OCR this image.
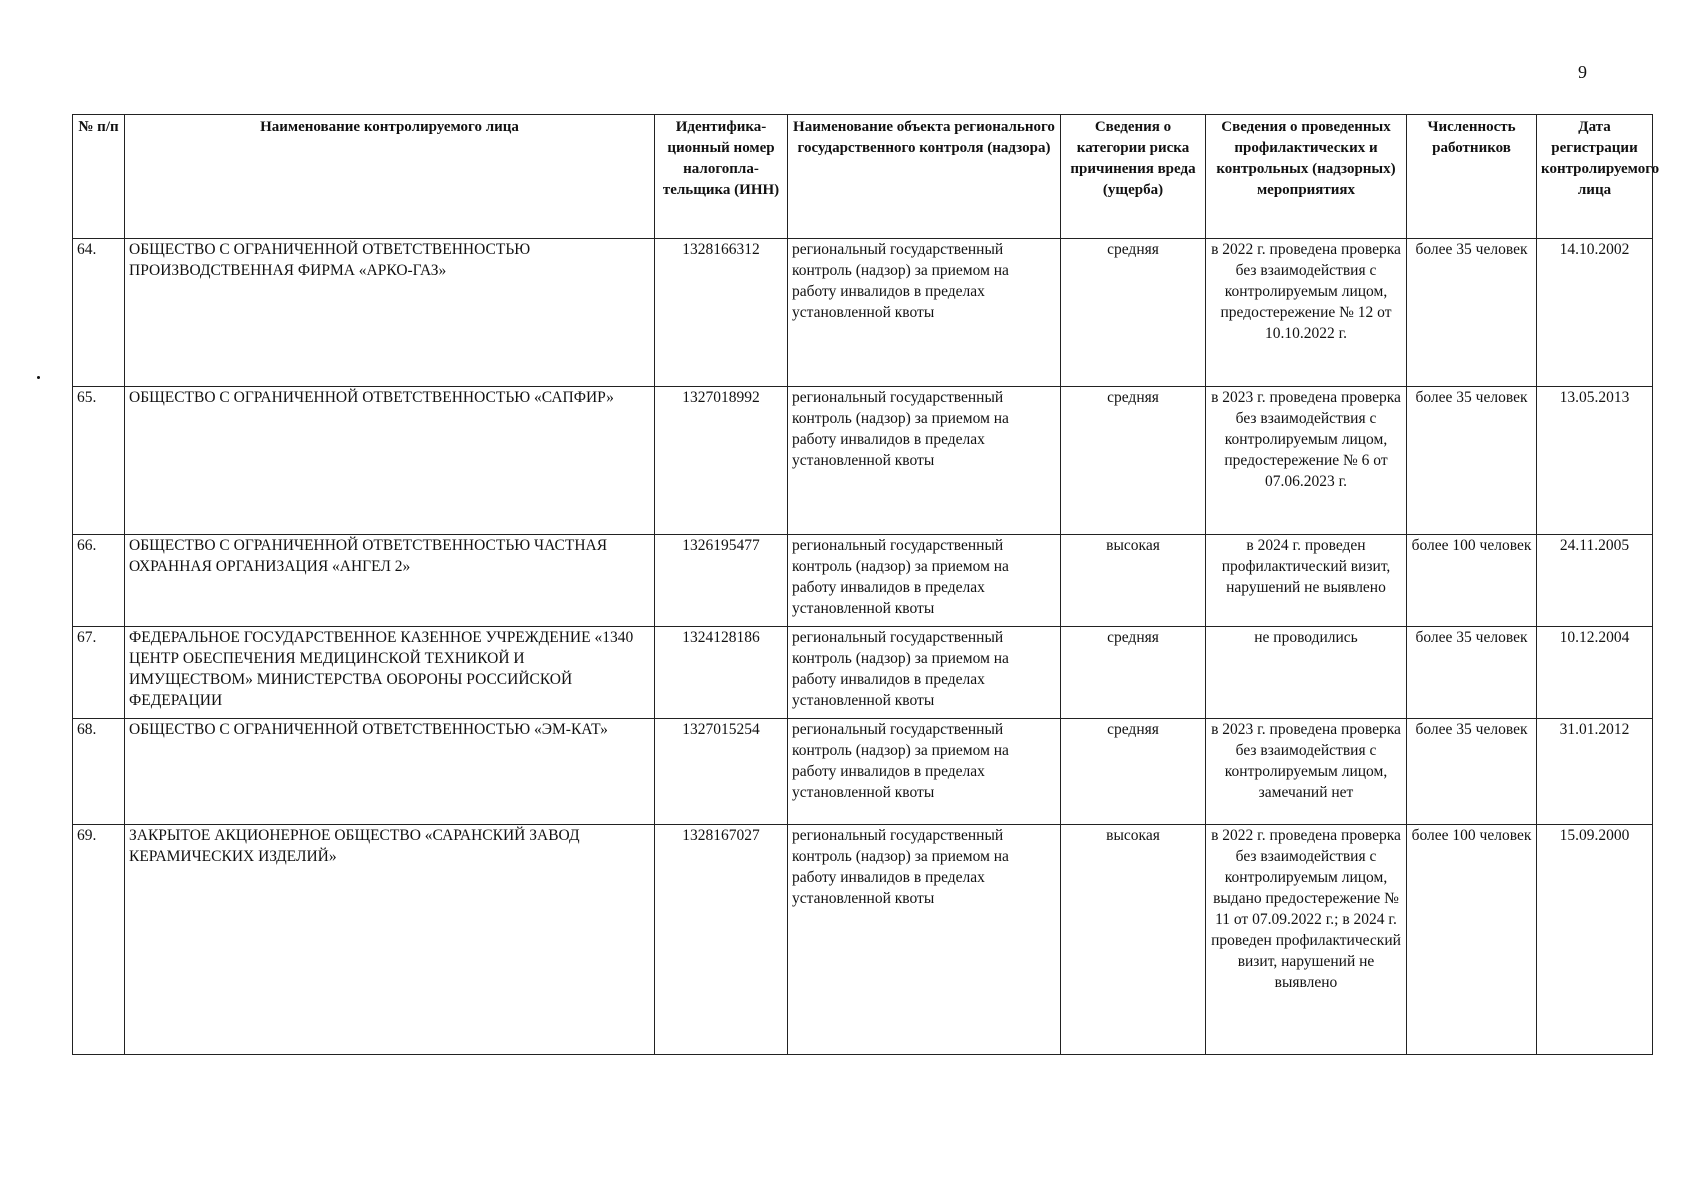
9
№ п/п	Наименование контролируемого лица	Идентифика-ционный номер налогопла-тельщика (ИНН)	Наименование объекта регионального государственного контроля (надзора)	Сведения о категории риска причинения вреда (ущерба)	Сведения о проведенных профилактических и контрольных (надзорных) мероприятиях	Численность работников	Дата регистрации контролируемого лица
64.	ОБЩЕСТВО С ОГРАНИЧЕННОЙ ОТВЕТСТВЕННОСТЬЮ ПРОИЗВОДСТВЕННАЯ ФИРМА «АРКО-ГАЗ»	1328166312	региональный государственный контроль (надзор) за приемом на работу инвалидов в пределах установленной квоты	средняя	в 2022 г. проведена проверка без взаимодействия с контролируемым лицом, предостережение № 12 от 10.10.2022 г.	более 35 человек	14.10.2002
65.	ОБЩЕСТВО С ОГРАНИЧЕННОЙ ОТВЕТСТВЕННОСТЬЮ «САПФИР»	1327018992	региональный государственный контроль (надзор) за приемом на работу инвалидов в пределах установленной квоты	средняя	в 2023 г. проведена проверка без взаимодействия с контролируемым лицом, предостережение № 6 от 07.06.2023 г.	более 35 человек	13.05.2013
66.	ОБЩЕСТВО С ОГРАНИЧЕННОЙ ОТВЕТСТВЕННОСТЬЮ ЧАСТНАЯ ОХРАННАЯ ОРГАНИЗАЦИЯ «АНГЕЛ 2»	1326195477	региональный государственный контроль (надзор) за приемом на работу инвалидов в пределах установленной квоты	высокая	в 2024 г. проведен профилактический визит, нарушений не выявлено	более 100 человек	24.11.2005
67.	ФЕДЕРАЛЬНОЕ ГОСУДАРСТВЕННОЕ КАЗЕННОЕ УЧРЕЖДЕНИЕ «1340 ЦЕНТР ОБЕСПЕЧЕНИЯ МЕДИЦИНСКОЙ ТЕХНИКОЙ И ИМУЩЕСТВОМ» МИНИСТЕРСТВА ОБОРОНЫ РОССИЙСКОЙ ФЕДЕРАЦИИ	1324128186	региональный государственный контроль (надзор) за приемом на работу инвалидов в пределах установленной квоты	средняя	не проводились	более 35 человек	10.12.2004
68.	ОБЩЕСТВО С ОГРАНИЧЕННОЙ ОТВЕТСТВЕННОСТЬЮ «ЭМ-КАТ»	1327015254	региональный государственный контроль (надзор) за приемом на работу инвалидов в пределах установленной квоты	средняя	в 2023 г. проведена проверка без взаимодействия с контролируемым лицом, замечаний нет	более 35 человек	31.01.2012
69.	ЗАКРЫТОЕ АКЦИОНЕРНОЕ ОБЩЕСТВО «САРАНСКИЙ ЗАВОД КЕРАМИЧЕСКИХ ИЗДЕЛИЙ»	1328167027	региональный государственный контроль (надзор) за приемом на работу инвалидов в пределах установленной квоты	высокая	в 2022 г. проведена проверка без взаимодействия с контролируемым лицом, выдано предостережение № 11 от 07.09.2022 г.; в 2024 г. проведен профилактический визит, нарушений не выявлено	более 100 человек	15.09.2000
